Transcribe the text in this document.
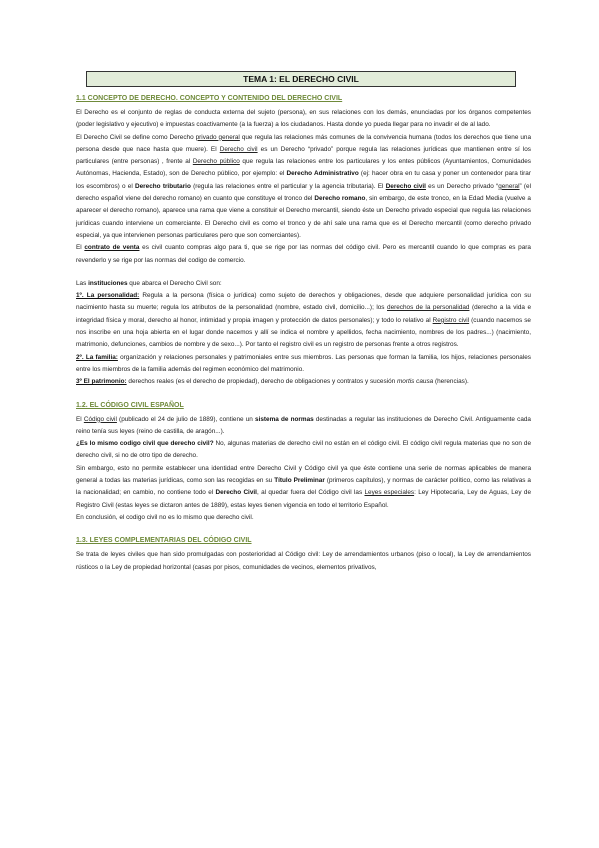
TEMA 1: EL DERECHO CIVIL
1.1 CONCEPTO DE DERECHO. CONCEPTO Y CONTENIDO DEL DERECHO CIVIL

El Derecho es el conjunto de reglas de conducta externa del sujeto (persona), en sus relaciones con los demás, enunciadas por los órganos competentes (poder legislativo y ejecutivo) e impuestas coactivamente (a la fuerza) a los ciudadanos. Hasta donde yo pueda llegar para no invadir el de al lado.

El Derecho Civil se define como Derecho privado general que regula las relaciones más comunes de la convivencia humana (todos los derechos que tiene una persona desde que nace hasta que muere). El Derecho civil es un Derecho “privado” porque regula las relaciones jurídicas que mantienen entre sí los particulares (entre personas) , frente al Derecho público que regula las relaciones entre los particulares y los entes públicos (Ayuntamientos, Comunidades Autónomas, Hacienda, Estado), son de Derecho público, por ejemplo: el Derecho Administrativo (ej: hacer obra en tu casa y poner un contenedor para tirar los escombros) o el Derecho tributario (regula las relaciones entre el particular y la agencia tributaria). El Derecho civil es un Derecho privado “general” (el derecho español viene del derecho romano) en cuanto que constituye el tronco del Derecho romano, sin embargo, de este tronco, en la Edad Media (vuelve a aparecer el derecho romano), aparece una rama que viene a constituir el Derecho mercantil, siendo éste un Derecho privado especial que regula las relaciones jurídicas cuando interviene un comerciante. El Derecho civil es como el tronco y de ahí sale una rama que es el Derecho mercantil (como derecho privado especial, ya que intervienen personas particulares pero que son comerciantes).

El contrato de venta es civil cuanto compras algo para ti, que se rige por las normas del código civil. Pero es mercantil cuando lo que compras es para revenderlo y se rige por las normas del codigo de comercio.

Las instituciones que abarca el Derecho Civil son:

1º. La personalidad: Regula a la persona (física o jurídica) como sujeto de derechos y obligaciones, desde que adquiere personalidad jurídica con su nacimiento hasta su muerte; regula los atributos de la personalidad (nombre, estado civil, domicilio...); los derechos de la personalidad (derecho a la vida e integridad física y moral, derecho al honor, intimidad y propia imagen y protección de datos personales); y todo lo relativo al Registro civil (cuando nacemos se nos inscribe en una hoja abierta en el lugar donde nacemos y allí se indica el nombre y apellidos, fecha nacimiento, nombres de los padres...) (nacimiento, matrimonio, defunciones, cambios de nombre y de sexo...). Por tanto el registro civil es un registro de personas frente a otros registros.

2º. La familia: organización y relaciones personales y patrimoniales entre sus miembros. Las personas que forman la familia, los hijos, relaciones personales entre los miembros de la familia además del regimen económico del matrimonio.

3º El patrimonio: derechos reales (es el derecho de propiedad), derecho de obligaciones y contratos y sucesión mortis causa (herencias).

1.2. EL CÓDIGO CIVIL ESPAÑOL

El Código civil (publicado el 24 de julio de 1889), contiene un sistema de normas destinadas a regular las instituciones de Derecho Civil. Antiguamente cada reino tenía sus leyes (reino de castilla, de aragón...).

¿Es lo mismo codigo civil que derecho civil? No, algunas materias de derecho civil no están en el código civil. El código civil regula materias que no son de derecho civil, si no de otro tipo de derecho.

Sin embargo, esto no permite establecer una identidad entre Derecho Civil y Código civil ya que éste contiene una serie de normas aplicables de manera general a todas las materias jurídicas, como son las recogidas en su Título Preliminar (primeros capítulos), y normas de carácter político, como las relativas a la nacionalidad; en cambio, no contiene todo el Derecho Civil, al quedar fuera del Código civil las Leyes especiales: Ley Hipotecaria, Ley de Aguas, Ley de Registro Civil (estas leyes se dictaron antes de 1889), estas leyes tienen vigencia en todo el territorio Español.

En conclusión, el codigo civil no es lo mismo que derecho civil.

1.3. LEYES COMPLEMENTARIAS DEL CÓDIGO CIVIL

Se trata de leyes civiles que han sido promulgadas con posterioridad al Código civil: Ley de arrendamientos urbanos (piso o local), la Ley de arrendamientos rústicos o la Ley de propiedad horizontal (casas por pisos, comunidades de vecinos, elementos privativos,
